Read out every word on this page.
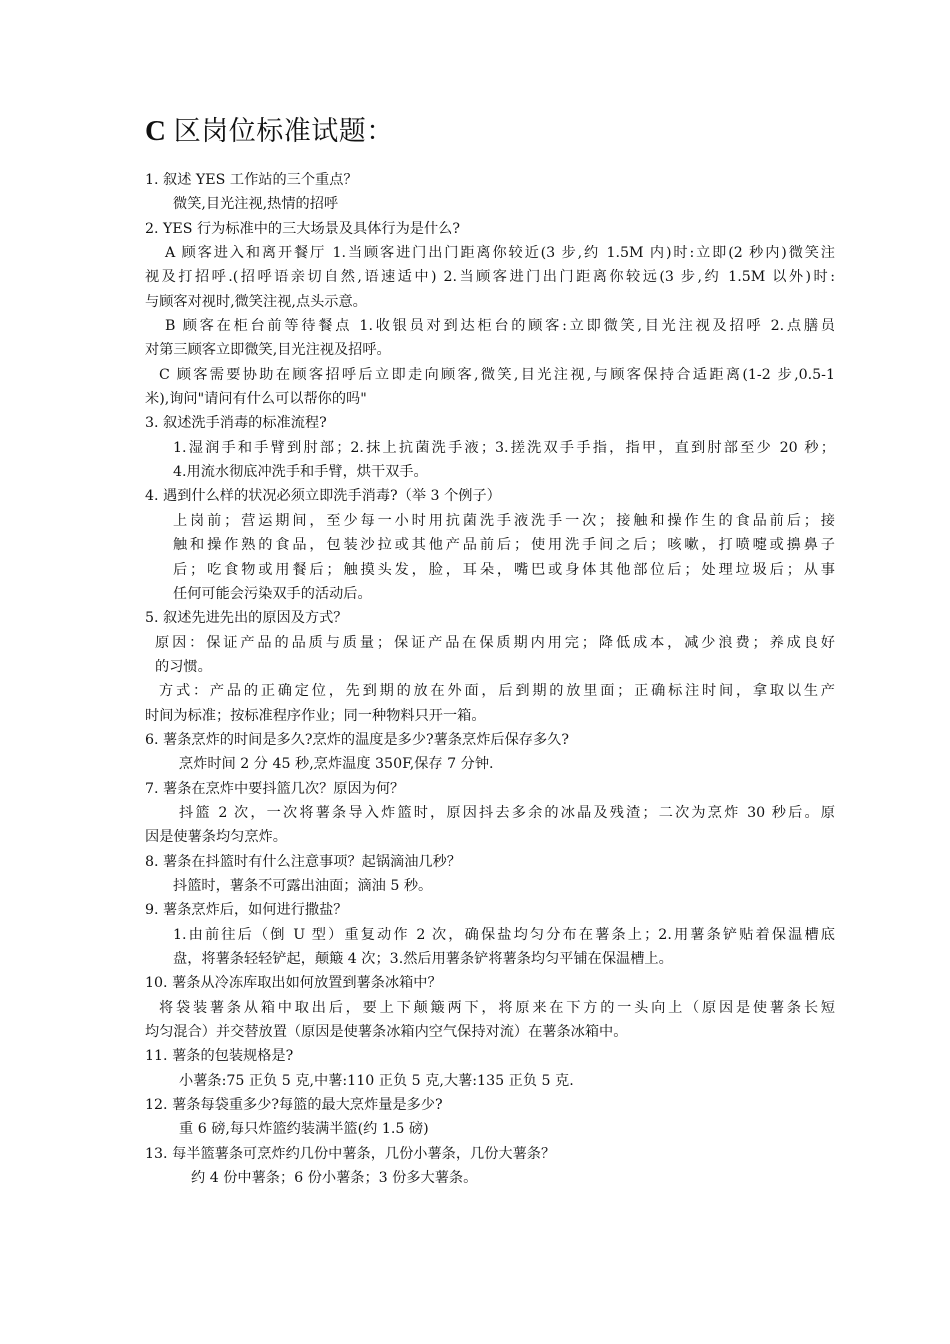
C 区岗位标准试题：
1. 叙述 YES 工作站的三个重点？
微笑,目光注视,热情的招呼
2. YES 行为标准中的三大场景及具体行为是什么?
A 顾客进入和离开餐厅 1.当顾客进门出门距离你较近(3 步,约 1.5M 内)时:立即(2 秒内)微笑注
视及打招呼.(招呼语亲切自然,语速适中) 2.当顾客进门出门距离你较远(3 步,约 1.5M 以外)时:
与顾客对视时,微笑注视,点头示意。
B 顾客在柜台前等待餐点 1.收银员对到达柜台的顾客:立即微笑,目光注视及招呼 2.点膳员
对第三顾客立即微笑,目光注视及招呼。
C 顾客需要协助在顾客招呼后立即走向顾客,微笑,目光注视,与顾客保持合适距离(1-2 步,0.5-1
米),询问"请问有什么可以帮你的吗"
3. 叙述洗手消毒的标准流程?
1.湿润手和手臂到肘部；2.抹上抗菌洗手液；3.搓洗双手手指，指甲，直到肘部至少 20 秒；
4.用流水彻底冲洗手和手臂，烘干双手。
4. 遇到什么样的状况必须立即洗手消毒?（举 3 个例子）
上岗前；营运期间，至少每一小时用抗菌洗手液洗手一次；接触和操作生的食品前后；接
触和操作熟的食品，包装沙拉或其他产品前后；使用洗手间之后；咳嗽，打喷嚏或擤鼻子
后；吃食物或用餐后；触摸头发，脸，耳朵，嘴巴或身体其他部位后；处理垃圾后；从事
任何可能会污染双手的活动后。
5. 叙述先进先出的原因及方式？
原因：保证产品的品质与质量；保证产品在保质期内用完；降低成本，减少浪费；养成良好
的习惯。
方式：产品的正确定位，先到期的放在外面，后到期的放里面；正确标注时间，拿取以生产
时间为标准；按标准程序作业；同一种物料只开一箱。
6. 薯条烹炸的时间是多久?烹炸的温度是多少?薯条烹炸后保存多久?
烹炸时间 2 分 45 秒,烹炸温度 350F,保存 7 分钟.
7. 薯条在烹炸中要抖篮几次？原因为何？
抖篮 2 次，一次将薯条导入炸篮时，原因抖去多余的冰晶及残渣；二次为烹炸 30 秒后。原
因是使薯条均匀烹炸。
8. 薯条在抖篮时有什么注意事项？起锅滴油几秒？
抖篮时，薯条不可露出油面；滴油 5 秒。
9. 薯条烹炸后，如何进行撒盐？
1.由前往后（倒 U 型）重复动作 2 次，确保盐均匀分布在薯条上；2.用薯条铲贴着保温槽底
盘，将薯条轻轻铲起，颠簸 4 次；3.然后用薯条铲将薯条均匀平铺在保温槽上。
10. 薯条从冷冻库取出如何放置到薯条冰箱中？
将袋装薯条从箱中取出后，要上下颠簸两下，将原来在下方的一头向上（原因是使薯条长短
均匀混合）并交替放置（原因是使薯条冰箱内空气保持对流）在薯条冰箱中。
11. 薯条的包装规格是?
小薯条:75 正负 5 克,中薯:110 正负 5 克,大薯:135 正负 5 克.
12. 薯条每袋重多少?每篮的最大烹炸量是多少?
重 6 磅,每只炸篮约装满半篮(约 1.5 磅)
13. 每半篮薯条可烹炸约几份中薯条，几份小薯条，几份大薯条？
约 4 份中薯条；6 份小薯条；3 份多大薯条。
